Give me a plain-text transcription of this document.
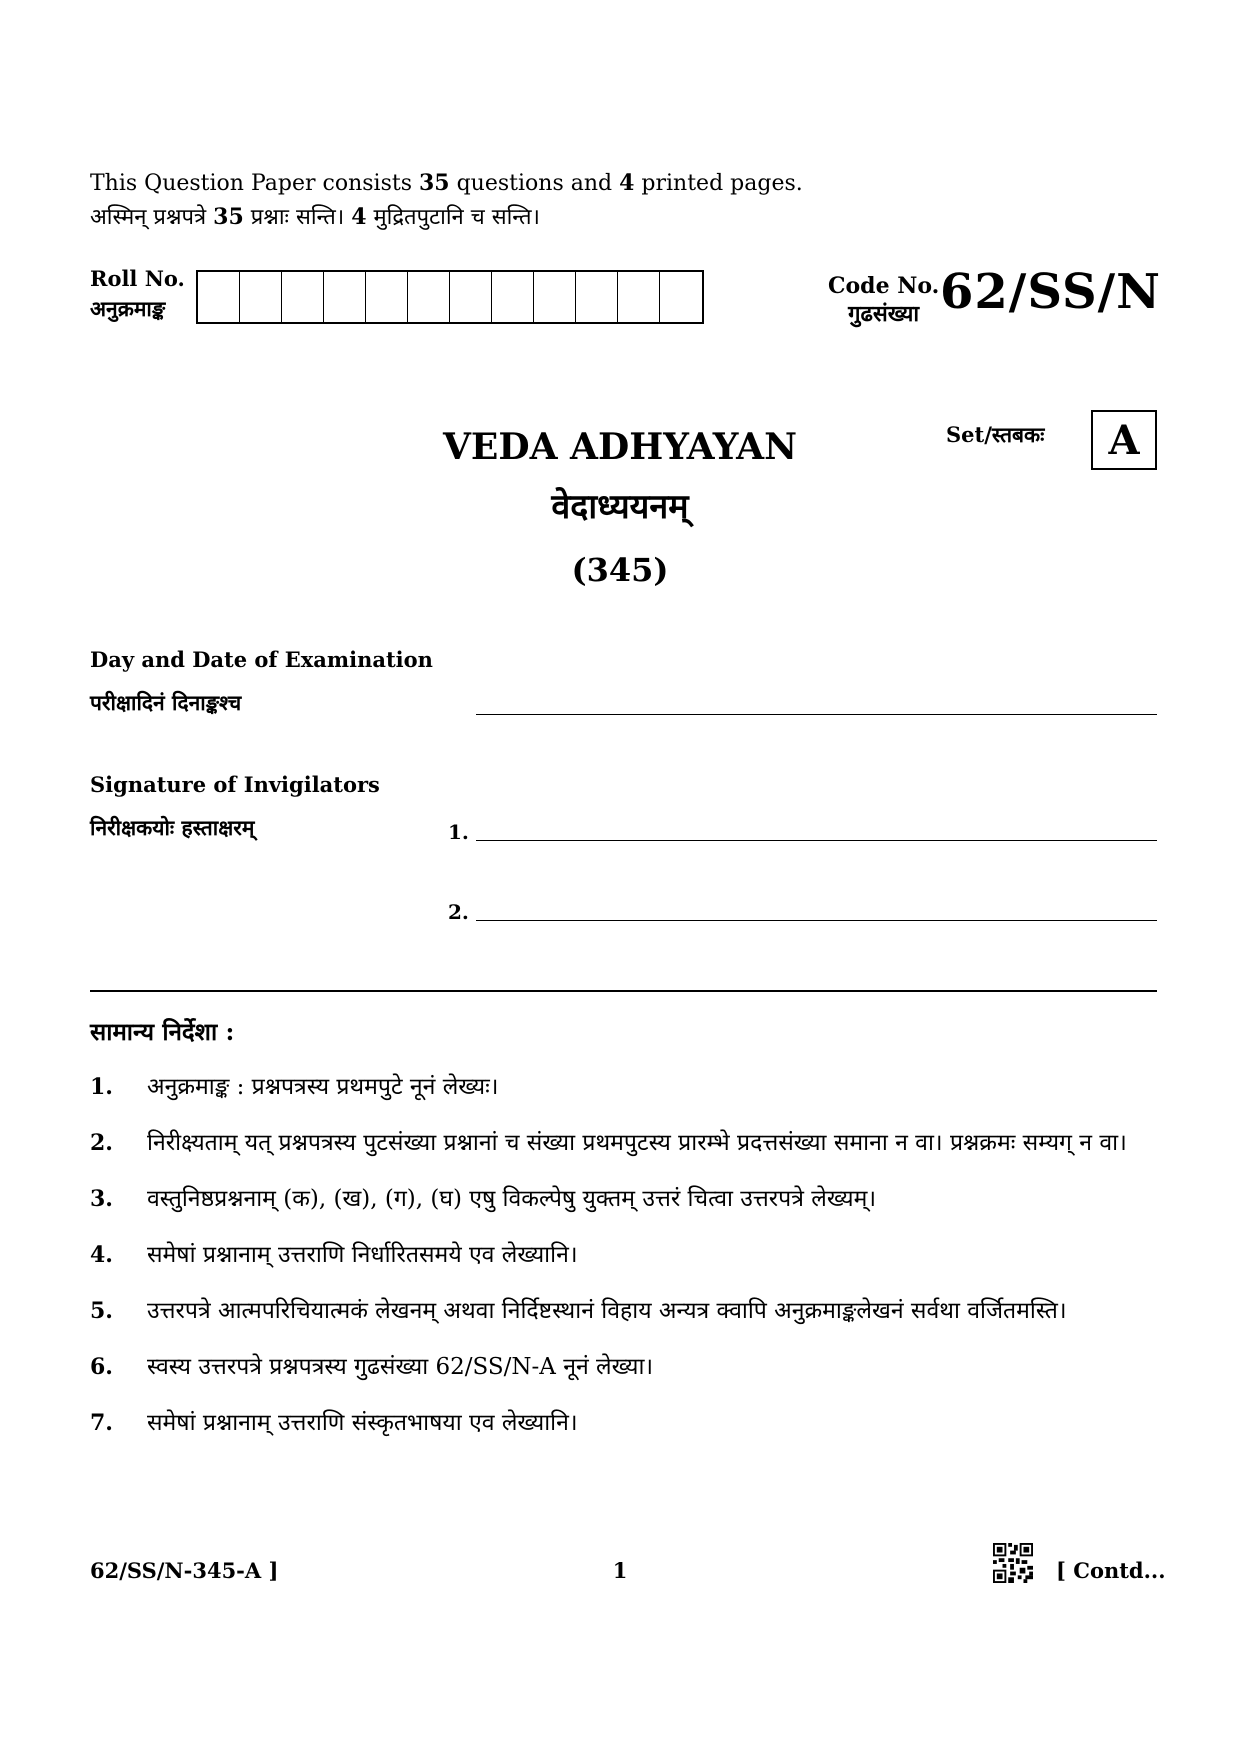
This Question Paper consists 35 questions and 4 printed pages.
अस्मिन् प्रश्नपत्रे 35 प्रश्नाः सन्ति। 4 मुद्रितपुटानि च सन्ति।
Roll No.
अनुक्रमाङ्क
Code No.
गुढसंख्या 62/SS/N
VEDA ADHYAYAN
वेदाध्ययनम्
(345)
Set/स्तबकः	A
Day and Date of Examination
परीक्षादिनं दिनाङ्कश्च
Signature of Invigilators
निरीक्षकयोः हस्ताक्षरम्	1.
2.
सामान्य निर्देशा :
1.	अनुक्रमाङ्क : प्रश्नपत्रस्य प्रथमपुटे नूनं लेख्यः।
2.	निरीक्ष्यताम् यत् प्रश्नपत्रस्य पुटसंख्या प्रश्नानां च संख्या प्रथमपुटस्य प्रारम्भे प्रदत्तसंख्या समाना न वा। प्रश्नक्रमः सम्यग् न वा।
3.	वस्तुनिष्ठप्रश्ननाम् (क), (ख), (ग), (घ) एषु विकल्पेषु युक्तम् उत्तरं चित्वा उत्तरपत्रे लेख्यम्।
4.	समेषां प्रश्नानाम् उत्तराणि निर्धारितसमये एव लेख्यानि।
5.	उत्तरपत्रे आत्मपरिचियात्मकं लेखनम् अथवा निर्दिष्टस्थानं विहाय अन्यत्र क्वापि अनुक्रमाङ्कलेखनं सर्वथा वर्जितमस्ति।
6.	स्वस्य उत्तरपत्रे प्रश्नपत्रस्य गुढसंख्या 62/SS/N-A नूनं लेख्या।
7.	समेषां प्रश्नानाम् उत्तराणि संस्कृतभाषया एव लेख्यानि।
62/SS/N-345-A ]	1	[ Contd...
